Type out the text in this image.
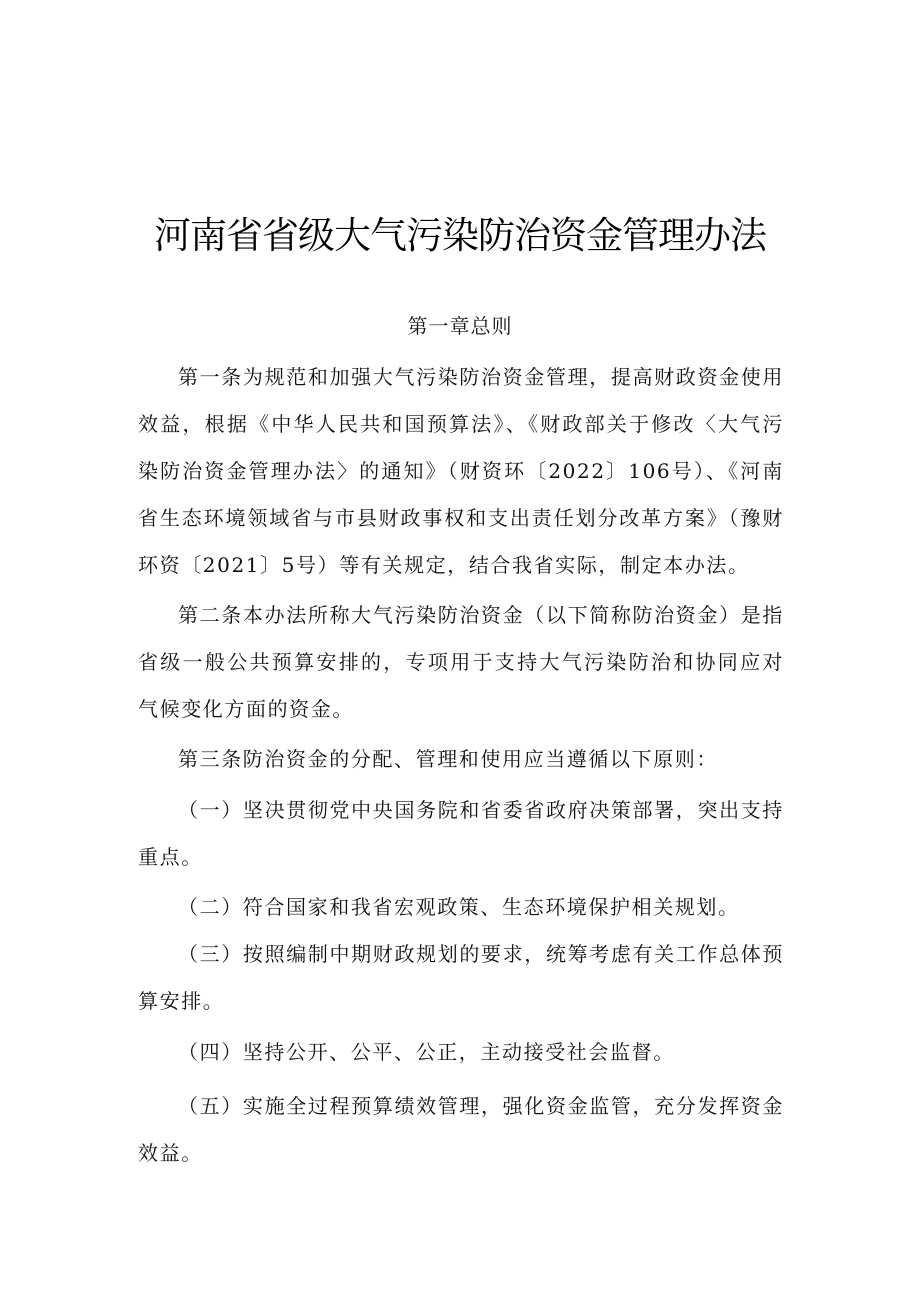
河南省省级大气污染防治资金管理办法
第一章总则

第一条为规范和加强大气污染防治资金管理，提高财政资金使用效益，根据《中华人民共和国预算法》、《财政部关于修改〈大气污染防治资金管理办法〉的通知》（财资环〔2022〕106号）、《河南省生态环境领域省与市县财政事权和支出责任划分改革方案》（豫财环资〔2021〕5号）等有关规定，结合我省实际，制定本办法。

第二条本办法所称大气污染防治资金（以下简称防治资金）是指省级一般公共预算安排的，专项用于支持大气污染防治和协同应对气候变化方面的资金。

第三条防治资金的分配、管理和使用应当遵循以下原则：

（一）坚决贯彻党中央国务院和省委省政府决策部署，突出支持重点。

（二）符合国家和我省宏观政策、生态环境保护相关规划。

（三）按照编制中期财政规划的要求，统筹考虑有关工作总体预算安排。

（四）坚持公开、公平、公正，主动接受社会监督。

（五）实施全过程预算绩效管理，强化资金监管，充分发挥资金效益。
